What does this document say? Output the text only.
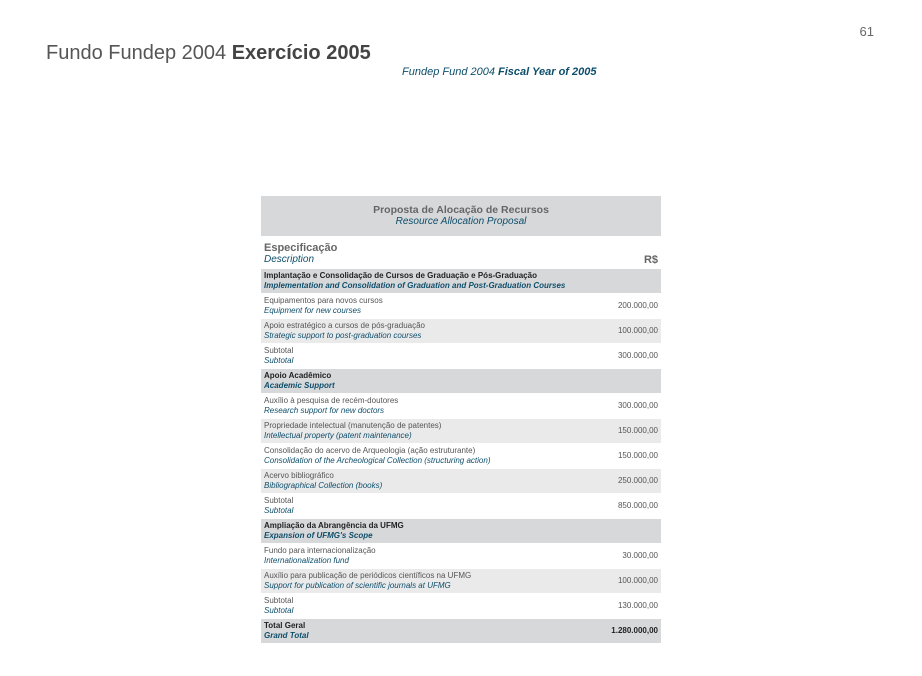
61
Fundo Fundep 2004 Exercício 2005
Fundep Fund 2004 Fiscal Year of 2005
Proposta de Alocação de Recursos
Resource Allocation Proposal	

Especificação
Description	R$

Implantação e Consolidação de Cursos de Graduação e Pós-Graduação
Implementation and Consolidation of Graduation and Post-Graduation Courses	

Equipamentos para novos cursos
Equipment for new courses	200.000,00

Apoio estratégico a cursos de pós-graduação
Strategic support to post-graduation courses	100.000,00

Subtotal
Subtotal	300.000,00

Apoio Acadêmico
Academic Support	

Auxílio à pesquisa de recém-doutores
Research support for new doctors	300.000,00

Propriedade intelectual (manutenção de patentes)
Intellectual property (patent maintenance)	150.000,00

Consolidação do acervo de Arqueologia (ação estruturante)
Consolidation of the Archeological Collection (structuring action)	150.000,00

Acervo bibliográfico
Bibliographical Collection (books)	250.000,00

Subtotal
Subtotal	850.000,00

Ampliação da Abrangência da UFMG
Expansion of UFMG's Scope	

Fundo para internacionalização
Internationalization fund	30.000,00

Auxílio para publicação de periódicos científicos na UFMG
Support for publication of scientific journals at UFMG	100.000,00

Subtotal
Subtotal	130.000,00

Total Geral
Grand Total	1.280.000,00
